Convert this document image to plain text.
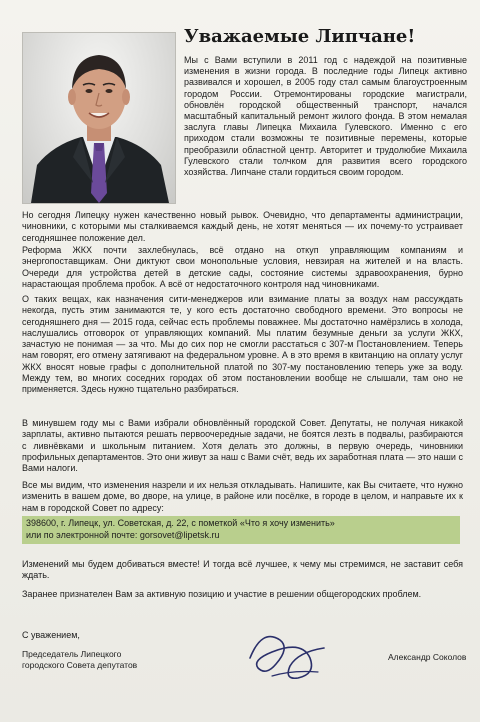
Уважаемые Липчане!
Мы с Вами вступили в 2011 год с надеждой на позитивные изменения в жизни города. В последние годы Липецк активно развивался и хорошел, в 2005 году стал самым благоустроенным городом России. Отремонтированы городские магистрали, обновлён городской общественный транспорт, начался масштабный капитальный ремонт жилого фонда. В этом немалая заслуга главы Липецка Михаила Гулевского. Именно с его приходом стали возможны те позитивные перемены, которые преобразили областной центр. Авторитет и трудолюбие Михаила Гулевского стали толчком для развития всего городского хозяйства. Липчане стали гордиться своим городом.
Но сегодня Липецку нужен качественно новый рывок. Очевидно, что департаменты администрации, чиновники, с которыми мы сталкиваемся каждый день, не хотят меняться — их почему-то устраивает сегодняшнее положение дел.
Реформа ЖКХ почти захлебнулась, всё отдано на откуп управляющим компаниям и энергопоставщикам. Они диктуют свои монопольные условия, невзирая на жителей и на власть. Очереди для устройства детей в детские сады, состояние системы здравоохранения, бурно нарастающая проблема пробок. А всё от недостаточного контроля над чиновниками.
О таких вещах, как назначения сити-менеджеров или взимание платы за воздух нам рассуждать некогда, пусть этим занимаются те, у кого есть достаточно свободного времени. Это вопросы не сегодняшнего дня — 2015 года, сейчас есть проблемы поважнее. Мы достаточно намёрзлись в холода, наслушались отговорок от управляющих компаний. Мы платим безумные деньги за услуги ЖКХ, зачастую не понимая — за что. Мы до сих пор не смогли расстаться с 307-м Постановлением. Теперь нам говорят, его отмену затягивают на федеральном уровне. А в это время в квитанцию на оплату услуг ЖКХ вносят новые графы с дополнительной платой по 307-му постановлению теперь уже за воду. Между тем, во многих соседних городах об этом постановлении вообще не слышали, там оно не применяется. Здесь нужно тщательно разбираться.
В минувшем году мы с Вами избрали обновлённый городской Совет. Депутаты, не получая никакой зарплаты, активно пытаются решать первоочередные задачи, не боятся лезть в подвалы, разбираются с ливнёвками и школьным питанием. Хотя делать это должны, в первую очередь, чиновники профильных департаментов. Это они живут за наш с Вами счёт, ведь их заработная плата — это наши с Вами налоги.
Все мы видим, что изменения назрели и их нельзя откладывать. Напишите, как Вы считаете, что нужно изменить в вашем доме, во дворе, на улице, в районе или посёлке, в городе в целом, и направьте их к нам в городской Совет по адресу:
398600, г. Липецк, ул. Советская, д. 22, с пометкой «Что я хочу изменить»
или по электронной почте: gorsovet@lipetsk.ru
Изменений мы будем добиваться вместе! И тогда всё лучшее, к чему мы стремимся, не заставит себя ждать.
Заранее признателен Вам за активную позицию и участие в решении общегородских проблем.
С уважением,
Председатель Липецкого
городского Совета депутатов
Александр Соколов
